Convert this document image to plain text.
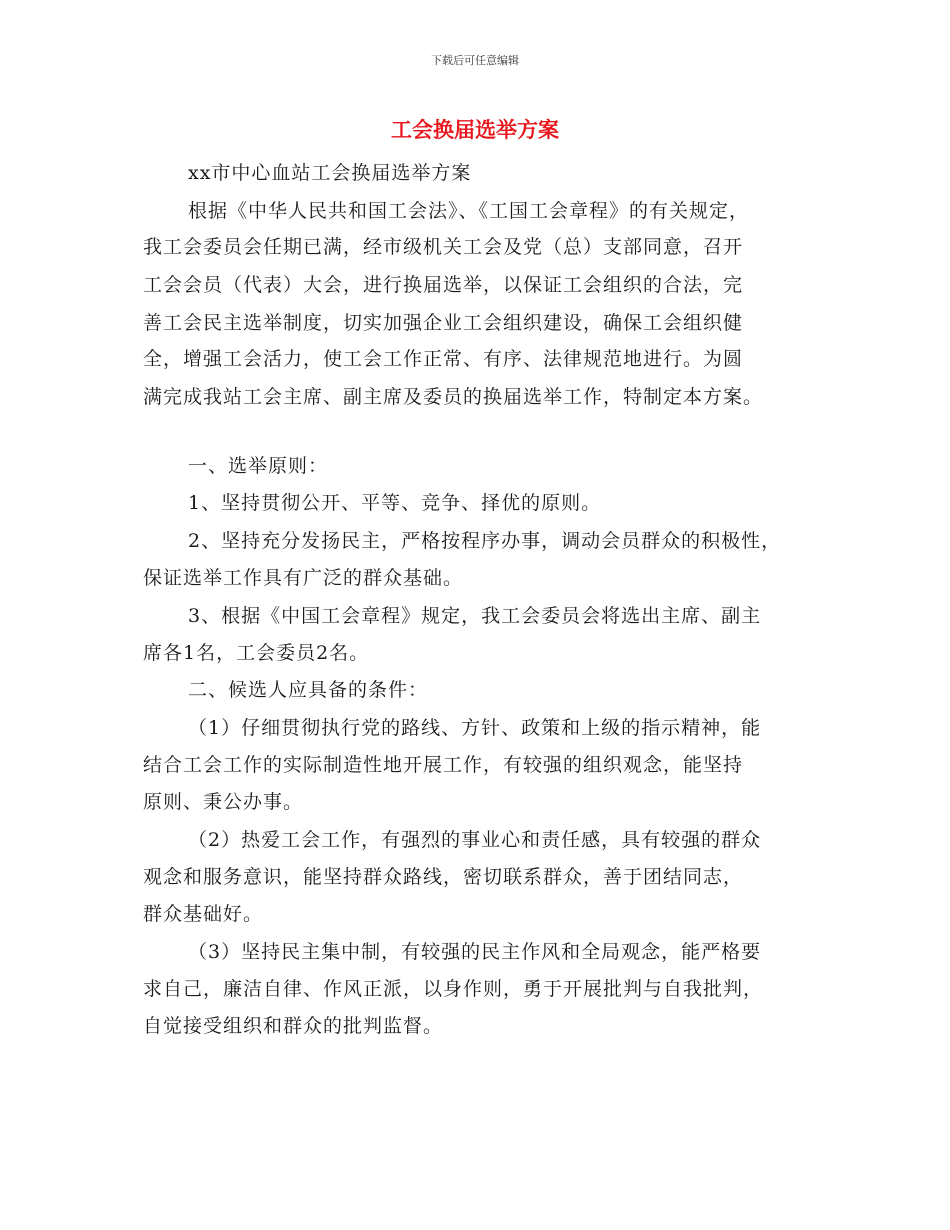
下载后可任意编辑
工会换届选举方案
xx市中心血站工会换届选举方案
根据《中华人民共和国工会法》、《工国工会章程》的有关规定，
我工会委员会任期已满，经市级机关工会及党（总）支部同意，召开
工会会员（代表）大会，进行换届选举，以保证工会组织的合法，完
善工会民主选举制度，切实加强企业工会组织建设，确保工会组织健
全，增强工会活力，使工会工作正常、有序、法律规范地进行。为圆
满完成我站工会主席、副主席及委员的换届选举工作，特制定本方案。
一、选举原则：
1、坚持贯彻公开、平等、竞争、择优的原则。
2、坚持充分发扬民主，严格按程序办事，调动会员群众的积极性，
保证选举工作具有广泛的群众基础。
3、根据《中国工会章程》规定，我工会委员会将选出主席、副主
席各1名，工会委员2名。
二、候选人应具备的条件：
（1）仔细贯彻执行党的路线、方针、政策和上级的指示精神，能
结合工会工作的实际制造性地开展工作，有较强的组织观念，能坚持
原则、秉公办事。
（2）热爱工会工作，有强烈的事业心和责任感，具有较强的群众
观念和服务意识，能坚持群众路线，密切联系群众，善于团结同志，
群众基础好。
（3）坚持民主集中制，有较强的民主作风和全局观念，能严格要
求自己，廉洁自律、作风正派，以身作则，勇于开展批判与自我批判，
自觉接受组织和群众的批判监督。
